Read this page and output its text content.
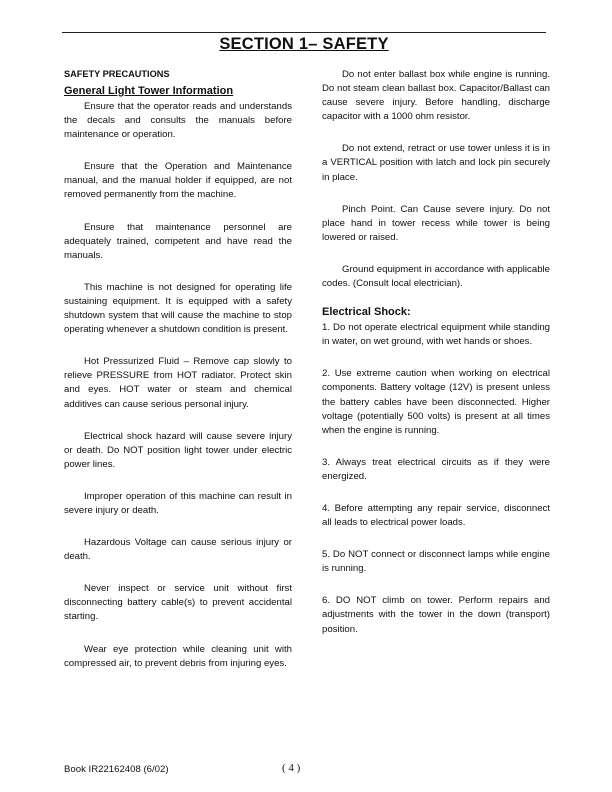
SECTION 1– SAFETY

SAFETY PRECAUTIONS

General Light Tower Information

Ensure that the operator reads and understands the decals and consults the manuals before maintenance or operation.

Ensure that the Operation and Maintenance manual, and the manual holder if equipped, are not removed permanently from the machine.

Ensure that maintenance personnel are adequately trained, competent and have read the manuals.

This machine is not designed for operating life sustaining equipment. It is equipped with a safety shutdown system that will cause the machine to stop operating whenever a shutdown condition is present.

Hot Pressurized Fluid – Remove cap slowly to relieve PRESSURE from HOT radiator. Protect skin and eyes. HOT water or steam and chemical additives can cause serious personal injury.

Electrical shock hazard will cause severe injury or death. Do NOT position light tower under electric power lines.

Improper operation of this machine can result in severe injury or death.

Hazardous Voltage can cause serious injury or death.

Never inspect or service unit without first disconnecting battery cable(s) to prevent accidental starting.

Wear eye protection while cleaning unit with compressed air, to prevent debris from injuring eyes.

Do not enter ballast box while engine is running. Do not steam clean ballast box. Capacitor/Ballast can cause severe injury. Before handling, discharge capacitor with a 1000 ohm resistor.

Do not extend, retract or use tower unless it is in a VERTICAL position with latch and lock pin securely in place.

Pinch Point. Can Cause severe injury. Do not place hand in tower recess while tower is being lowered or raised.

Ground equipment in accordance with applicable codes. (Consult local electrician).

Electrical Shock:

1. Do not operate electrical equipment while standing in water, on wet ground, with wet hands or shoes.

2. Use extreme caution when working on electrical components. Battery voltage (12V) is present unless the battery cables have been disconnected. Higher voltage (potentially 500 volts) is present at all times when the engine is running.

3. Always treat electrical circuits as if they were energized.

4. Before attempting any repair service, disconnect all leads to electrical power loads.

5. Do NOT connect or disconnect lamps while engine is running.

6. DO NOT climb on tower. Perform repairs and adjustments with the tower in the down (transport) position.

Book IR22162408 (6/02)	( 4 )
